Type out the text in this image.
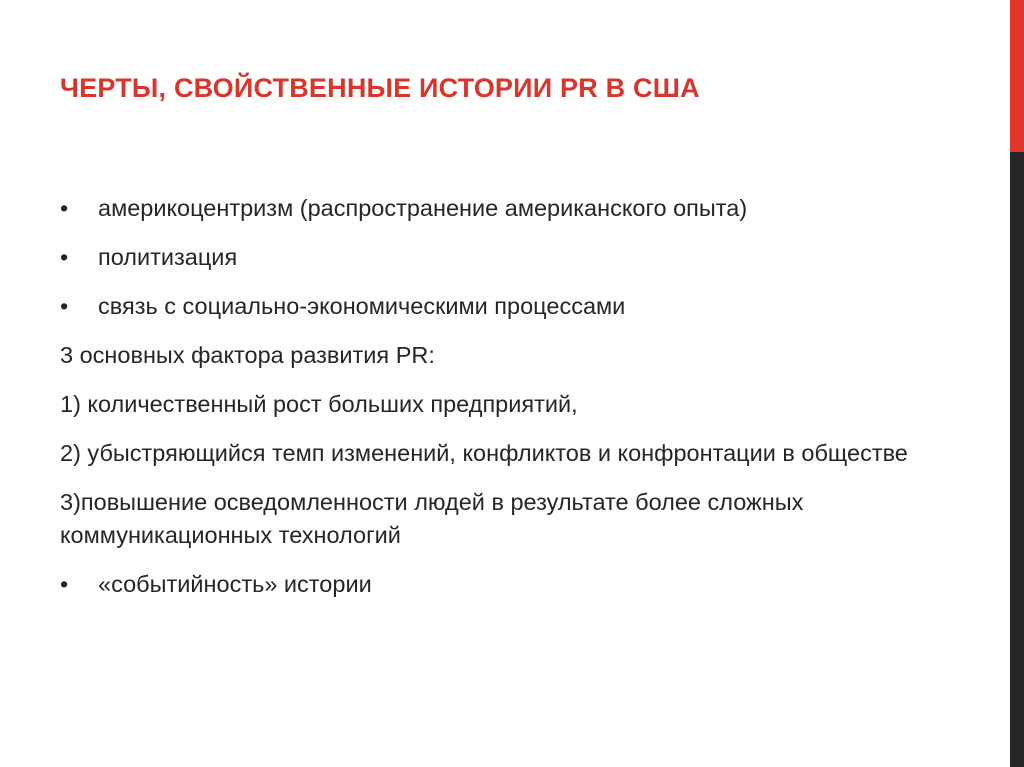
ЧЕРТЫ, СВОЙСТВЕННЫЕ ИСТОРИИ PR В США
•	америкоцентризм (распространение американского опыта)
•	политизация
•	связь с социально-экономическими процессами
3 основных фактора развития PR:
1) количественный рост больших предприятий,
2) убыстряющийся темп изменений, конфликтов и конфронтации в обществе
3)повышение осведомленности людей в результате более сложных коммуникационных технологий
•	«событийность» истории
